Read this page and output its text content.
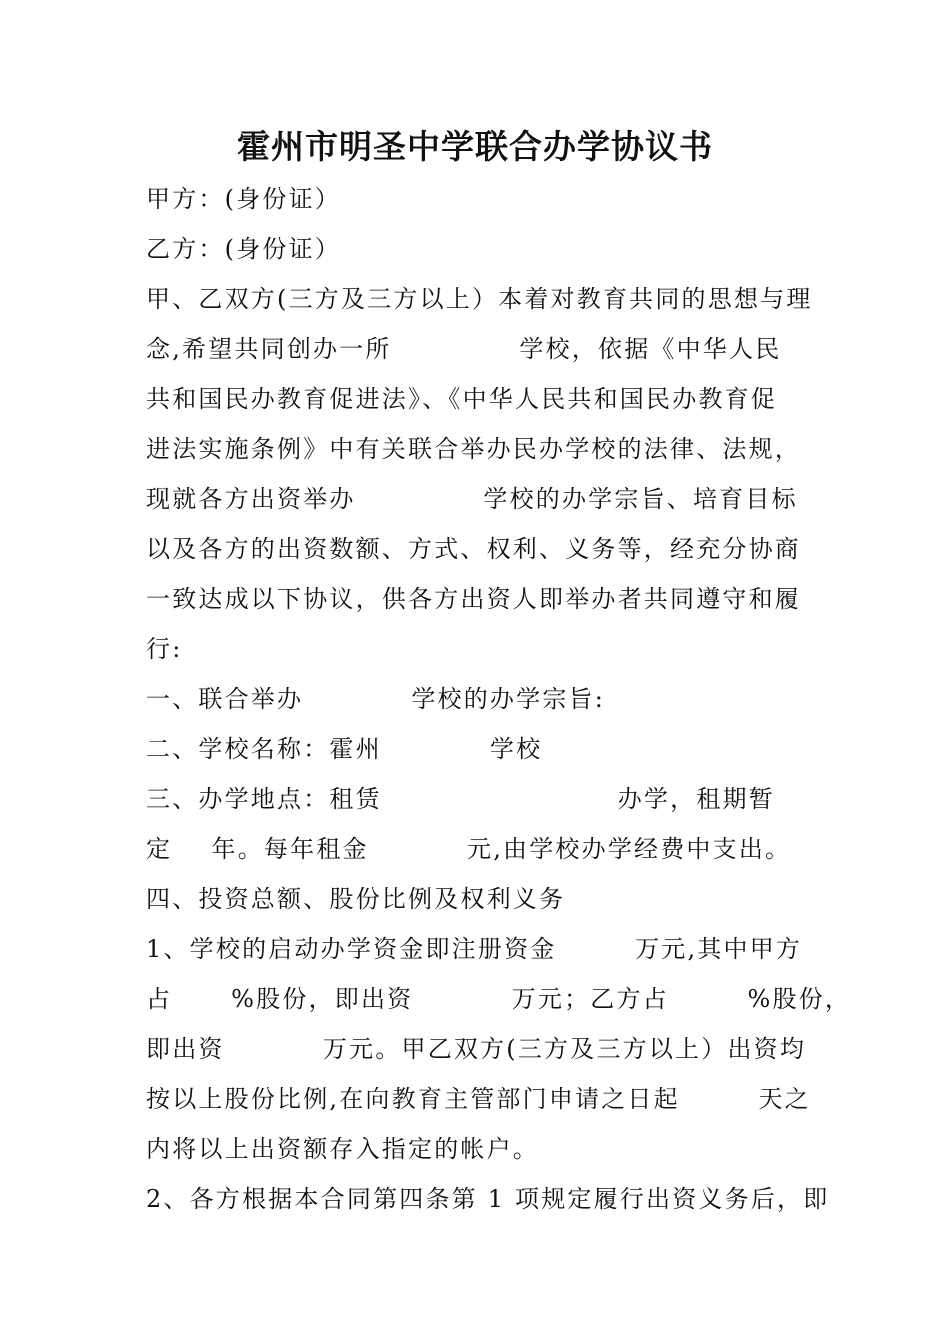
霍州市明圣中学联合办学协议书
甲方：(身份证）
乙方：(身份证）
甲、乙双方(三方及三方以上）本着对教育共同的思想与理
念,希望共同创办一所             学校，依据《中华人民
共和国民办教育促进法》、《中华人民共和国民办教育促
进法实施条例》中有关联合举办民办学校的法律、法规，
现就各方出资举办             学校的办学宗旨、培育目标
以及各方的出资数额、方式、权利、义务等，经充分协商
一致达成以下协议，供各方出资人即举办者共同遵守和履
行:
一、联合举办           学校的办学宗旨:
二、学校名称：霍州           学校
三、办学地点：租赁                        办学，租期暂
定    年。每年租金          元,由学校办学经费中支出。
四、投资总额、股份比例及权利义务
1、学校的启动办学资金即注册资金        万元,其中甲方
占      %股份，即出资          万元；乙方占        %股份，
即出资          万元。甲乙双方(三方及三方以上）出资均
按以上股份比例,在向教育主管部门申请之日起        天之
内将以上出资额存入指定的帐户。
2、各方根据本合同第四条第 1 项规定履行出资义务后，即
